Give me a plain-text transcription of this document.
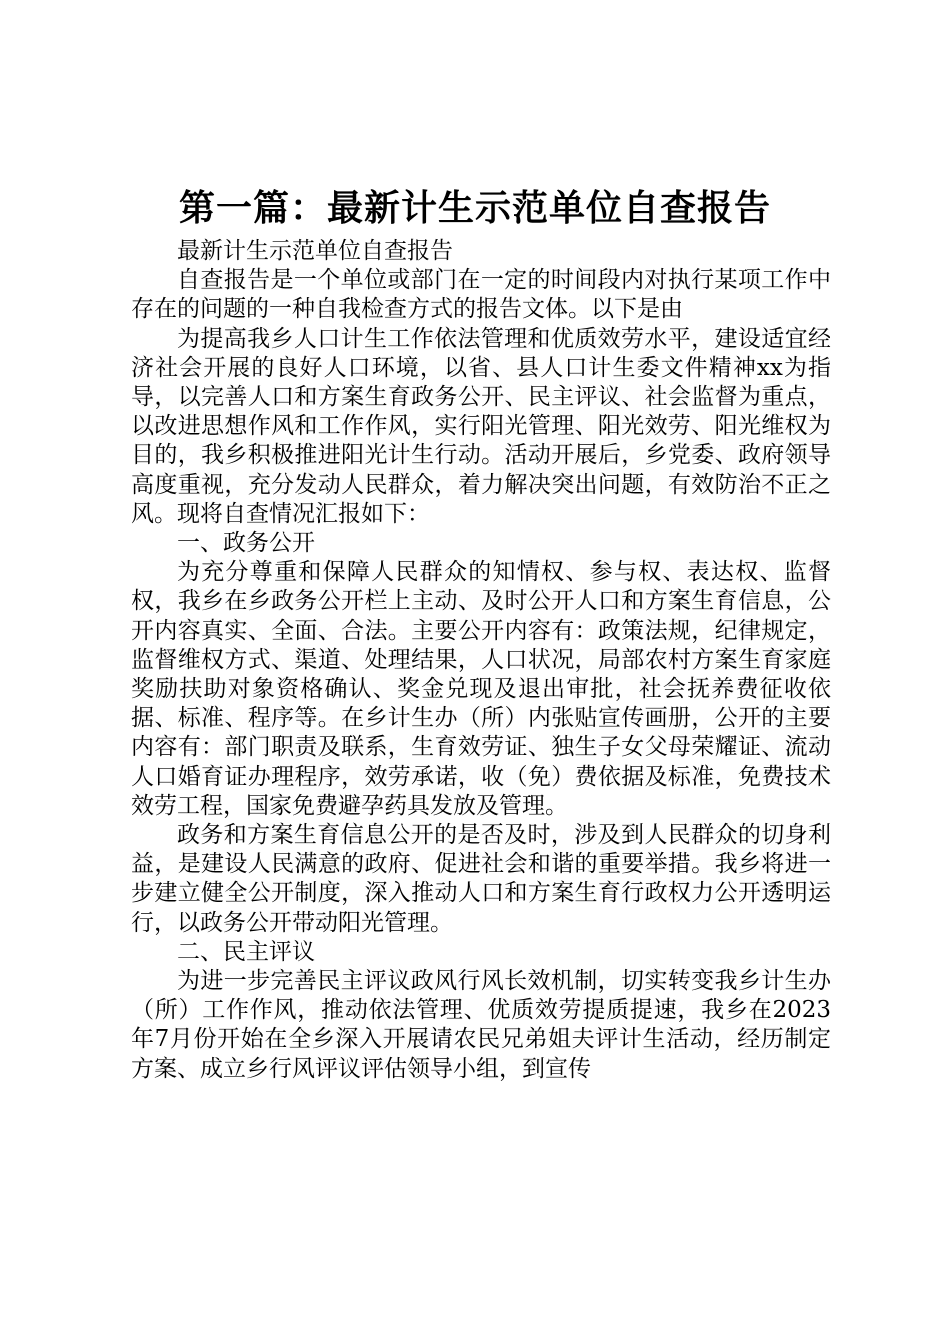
第一篇：最新计生示范单位自查报告

最新计生示范单位自查报告

自查报告是一个单位或部门在一定的时间段内对执行某项工作中存在的问题的一种自我检查方式的报告文体。以下是由

为提高我乡人口计生工作依法管理和优质效劳水平，建设适宜经济社会开展的良好人口环境，以省、县人口计生委文件精神xx为指导，以完善人口和方案生育政务公开、民主评议、社会监督为重点，以改进思想作风和工作作风，实行阳光管理、阳光效劳、阳光维权为目的，我乡积极推进阳光计生行动。活动开展后，乡党委、政府领导高度重视，充分发动人民群众，着力解决突出问题，有效防治不正之风。现将自查情况汇报如下：

一、政务公开

为充分尊重和保障人民群众的知情权、参与权、表达权、监督权，我乡在乡政务公开栏上主动、及时公开人口和方案生育信息，公开内容真实、全面、合法。主要公开内容有：政策法规，纪律规定，监督维权方式、渠道、处理结果，人口状况，局部农村方案生育家庭奖励扶助对象资格确认、奖金兑现及退出审批，社会抚养费征收依据、标准、程序等。在乡计生办（所）内张贴宣传画册，公开的主要内容有：部门职责及联系，生育效劳证、独生子女父母荣耀证、流动人口婚育证办理程序，效劳承诺，收（免）费依据及标准，免费技术效劳工程，国家免费避孕药具发放及管理。

政务和方案生育信息公开的是否及时，涉及到人民群众的切身利益，是建设人民满意的政府、促进社会和谐的重要举措。我乡将进一步建立健全公开制度，深入推动人口和方案生育行政权力公开透明运行，以政务公开带动阳光管理。

二、民主评议

为进一步完善民主评议政风行风长效机制，切实转变我乡计生办（所）工作作风，推动依法管理、优质效劳提质提速，我乡在2023年7月份开始在全乡深入开展请农民兄弟姐夫评计生活动，经历制定方案、成立乡行风评议评估领导小组，到宣传
